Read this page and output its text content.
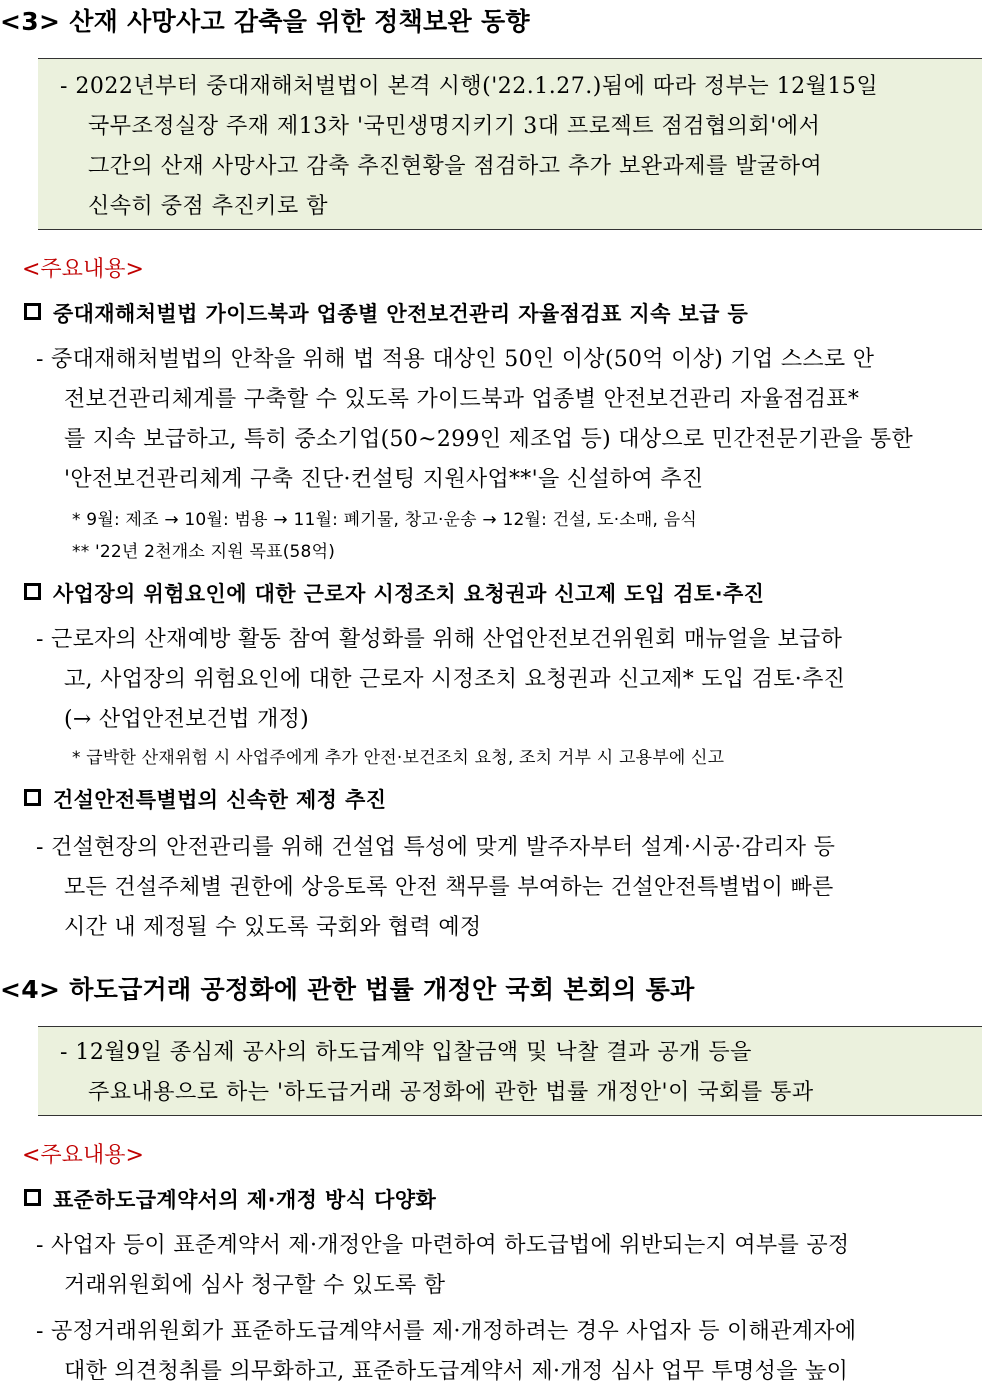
<3> 산재 사망사고 감축을 위한 정책보완 동향
- 2022년부터 중대재해처벌법이 본격 시행('22.1.27.)됨에 따라 정부는 12월15일
국무조정실장 주재 제13차 '국민생명지키기 3대 프로젝트 점검협의회'에서
그간의 산재 사망사고 감축 추진현황을 점검하고 추가 보완과제를 발굴하여
신속히 중점 추진키로 함
<주요내용>
중대재해처벌법 가이드북과 업종별 안전보건관리 자율점검표 지속 보급 등
- 중대재해처벌법의 안착을 위해 법 적용 대상인 50인 이상(50억 이상) 기업 스스로 안
전보건관리체계를 구축할 수 있도록 가이드북과 업종별 안전보건관리 자율점검표*
를 지속 보급하고, 특히 중소기업(50~299인 제조업 등) 대상으로 민간전문기관을 통한
'안전보건관리체계 구축 진단·컨설팅 지원사업**'을 신설하여 추진
* 9월: 제조 → 10월: 범용 → 11월: 폐기물, 창고·운송 → 12월: 건설, 도·소매, 음식
** '22년 2천개소 지원 목표(58억)
사업장의 위험요인에 대한 근로자 시정조치 요청권과 신고제 도입 검토·추진
- 근로자의 산재예방 활동 참여 활성화를 위해 산업안전보건위원회 매뉴얼을 보급하
고, 사업장의 위험요인에 대한 근로자 시정조치 요청권과 신고제* 도입 검토·추진
(→ 산업안전보건법 개정)
* 급박한 산재위험 시 사업주에게 추가 안전·보건조치 요청, 조치 거부 시 고용부에 신고
건설안전특별법의 신속한 제정 추진
- 건설현장의 안전관리를 위해 건설업 특성에 맞게 발주자부터 설계·시공·감리자 등
모든 건설주체별 권한에 상응토록 안전 책무를 부여하는 건설안전특별법이 빠른
시간 내 제정될 수 있도록 국회와 협력 예정
<4> 하도급거래 공정화에 관한 법률 개정안 국회 본회의 통과
- 12월9일 종심제 공사의 하도급계약 입찰금액 및 낙찰 결과 공개 등을
주요내용으로 하는 '하도급거래 공정화에 관한 법률 개정안'이 국회를 통과
<주요내용>
표준하도급계약서의 제·개정 방식 다양화
- 사업자 등이 표준계약서 제·개정안을 마련하여 하도급법에 위반되는지 여부를 공정
거래위원회에 심사 청구할 수 있도록 함
- 공정거래위원회가 표준하도급계약서를 제·개정하려는 경우 사업자 등 이해관계자에
대한 의견청취를 의무화하고, 표준하도급계약서 제·개정 심사 업무 투명성을 높이
